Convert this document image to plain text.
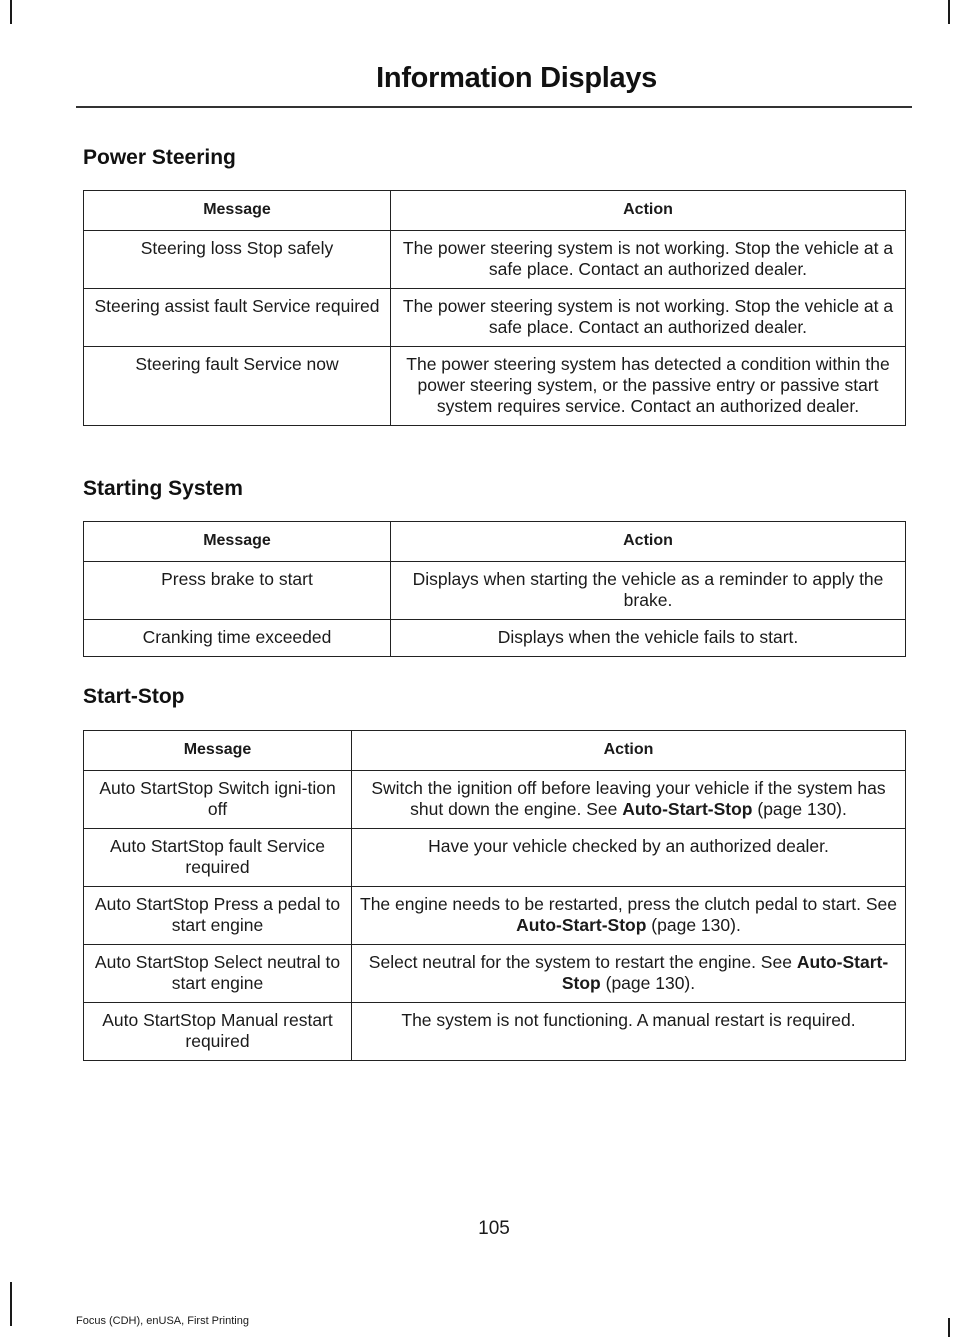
Information Displays
Power Steering
Message	Action
Steering loss Stop safely	The power steering system is not working. Stop the vehicle at a safe place. Contact an authorized dealer.
Steering assist fault Service required	The power steering system is not working. Stop the vehicle at a safe place. Contact an authorized dealer.
Steering fault Service now	The power steering system has detected a condition within the power steering system, or the passive entry or passive start system requires service. Contact an authorized dealer.
Starting System
Message	Action
Press brake to start	Displays when starting the vehicle as a reminder to apply the brake.
Cranking time exceeded	Displays when the vehicle fails to start.
Start-Stop
Message	Action
Auto StartStop Switch igni-tion off	Switch the ignition off before leaving your vehicle if the system has shut down the engine. See Auto-Start-Stop (page 130).
Auto StartStop fault Service required	Have your vehicle checked by an authorized dealer.
Auto StartStop Press a pedal to start engine	The engine needs to be restarted, press the clutch pedal to start. See Auto-Start-Stop (page 130).
Auto StartStop Select neutral to start engine	Select neutral for the system to restart the engine. See Auto-Start-Stop (page 130).
Auto StartStop Manual restart required	The system is not functioning. A manual restart is required.
105
Focus (CDH), enUSA, First Printing
